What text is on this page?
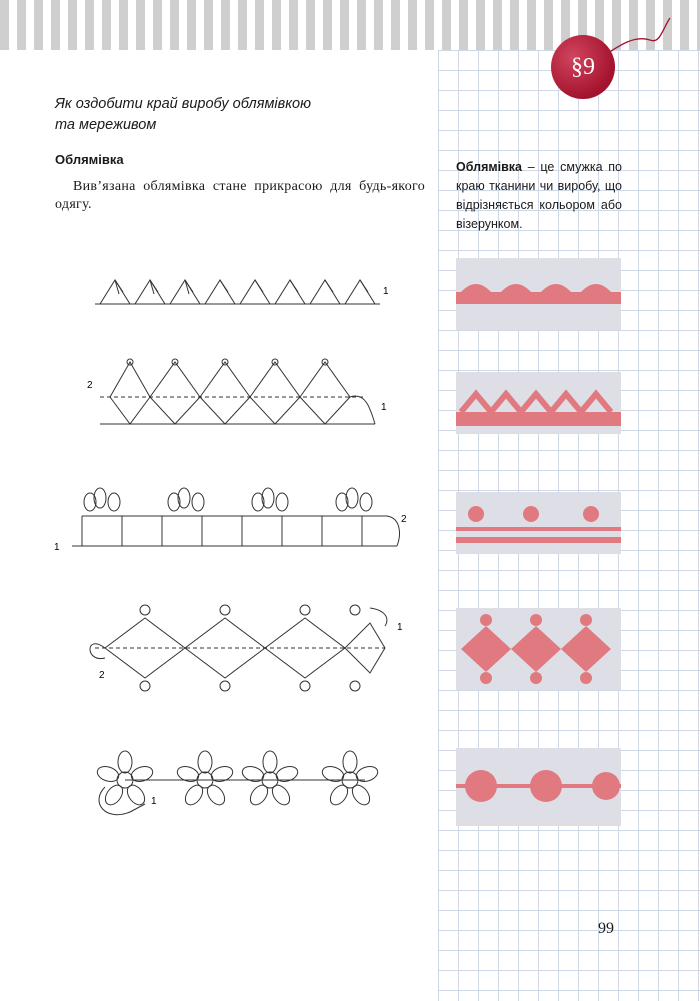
§9
Як оздобити край виробу облямівкою
та мереживом
Облямівка
Вив’язана облямівка стане прикрасою для будь-якого одягу.
Облямівка – це смужка по краю тканини чи виробу, що відрізняється кольором або візерунком.
1
2
1
1
2
1
2
1
99
